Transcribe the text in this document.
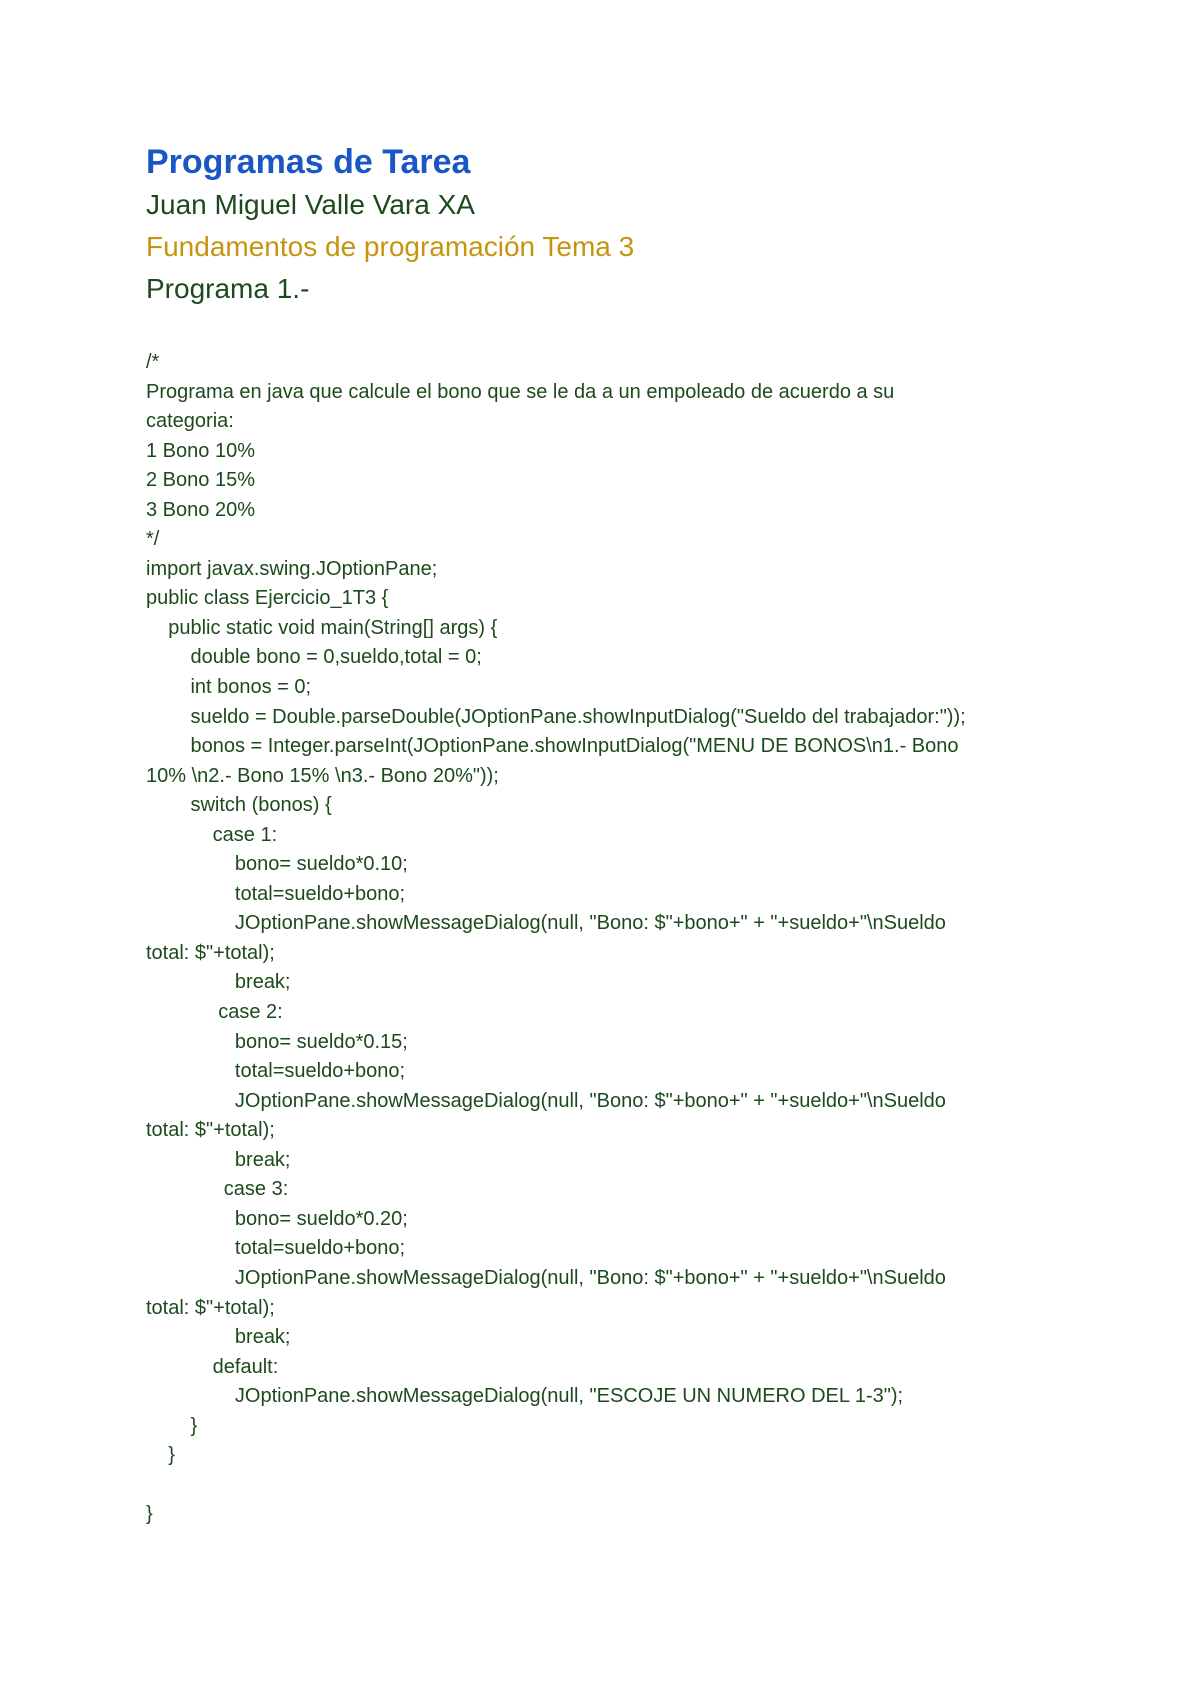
Programas de Tarea
Juan Miguel Valle Vara XA
Fundamentos de programación Tema 3
Programa 1.-
/*
Programa en java que calcule el bono que se le da a un empoleado de acuerdo a su
categoria:
1 Bono 10%
2 Bono 15%
3 Bono 20%
*/
import javax.swing.JOptionPane;
public class Ejercicio_1T3 {
public static void main(String[] args) {
double bono = 0,sueldo,total = 0;
int bonos = 0;
sueldo = Double.parseDouble(JOptionPane.showInputDialog("Sueldo del trabajador:"));
bonos = Integer.parseInt(JOptionPane.showInputDialog("MENU DE BONOS\n1.- Bono
10% \n2.- Bono 15% \n3.- Bono 20%"));
switch (bonos) {
case 1:
bono= sueldo*0.10;
total=sueldo+bono;
JOptionPane.showMessageDialog(null, "Bono: $"+bono+" + "+sueldo+"\nSueldo
total: $"+total);
break;
case 2:
bono= sueldo*0.15;
total=sueldo+bono;
JOptionPane.showMessageDialog(null, "Bono: $"+bono+" + "+sueldo+"\nSueldo
total: $"+total);
break;
case 3:
bono= sueldo*0.20;
total=sueldo+bono;
JOptionPane.showMessageDialog(null, "Bono: $"+bono+" + "+sueldo+"\nSueldo
total: $"+total);
break;
default:
JOptionPane.showMessageDialog(null, "ESCOJE UN NUMERO DEL 1-3");
}
}
}
